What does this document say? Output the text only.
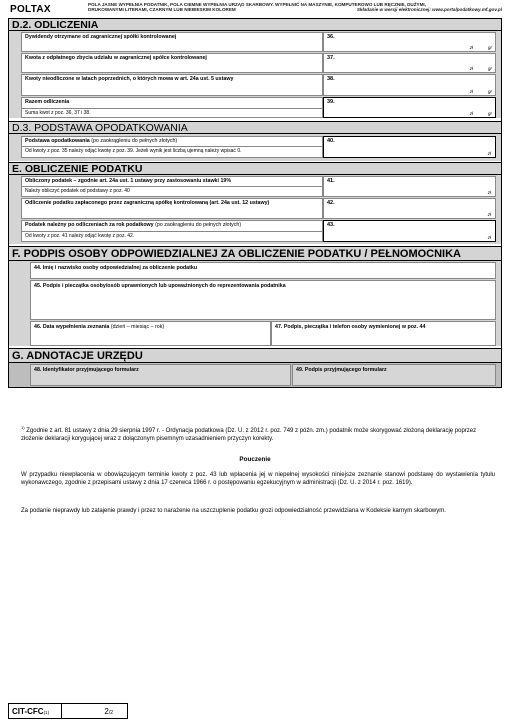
POLTAX	POLA JASNE WYPEŁNIA PODATNIK, POLA CIEMNE WYPEŁNIA URZĄD SKARBOWY. WYPEŁNIĆ NA MASZYNIE, KOMPUTEROWO LUB RĘCZNIE, DUŻYMI,
DRUKOWANYMI LITERAMI, CZARNYM LUB NIEBIESKIM KOLOREM	Składanie w wersji elektronicznej: www.portalpodatkowy.mf.gov.pl
D.2. ODLICZENIA
Dywidendy otrzymane od zagranicznej spółki kontrolowanej	36.
zł	gr
Kwota z odpłatnego zbycia udziału w zagranicznej spółce kontrolowanej	37.
zł	gr
Kwoty nieodliczone w latach poprzednich, o których mowa w art. 24a ust. 5 ustawy	38.
zł	gr
Razem odliczenia
Suma kwot z poz. 36, 37 i 38.
39.
zł	gr
D.3. PODSTAWA OPODATKOWANIA
Podstawa opodatkowania (po zaokrągleniu do pełnych złotych)
Od kwoty z poz. 35 należy odjąć kwotę z poz. 39. Jeżeli wynik jest liczbą ujemną należy wpisać 0.
40.
zł
E. OBLICZENIE PODATKU
Obliczony podatek – zgodnie art. 24a ust. 1 ustawy przy zastosowaniu stawki 19%
Należy obliczyć podatek od podstawy z poz. 40
41.
zł
Odliczenie podatku zapłaconego przez zagraniczną spółkę kontrolowaną (art. 24a ust. 12 ustawy)	42.
zł
Podatek należny po odliczeniach za rok podatkowy (po zaokrągleniu do pełnych złotych)
Od kwoty z poz. 41 należy odjąć kwotę z poz. 42.
43.
zł
F. PODPIS OSOBY ODPOWIEDZIALNEJ ZA OBLICZENIE PODATKU / PEŁNOMOCNIKA
44. Imię i nazwisko osoby odpowiedzialnej za obliczenie podatku
45. Podpis i pieczątka osoby/osób uprawnionych lub upoważnionych do reprezentowania podatnika
46. Data wypełnienia zeznania (dzień – miesiąc – rok)	47. Podpis, pieczątka i telefon osoby wymienionej w poz. 44
G. ADNOTACJE URZĘDU
48. Identyfikator przyjmującego formularz	49. Podpis przyjmującego formularz
$^{1)}$ Zgodnie z art. 81 ustawy z dnia 29 sierpnia 1997 r. - Ordynacja podatkowa (Dz. U. z 2012 r. poz. 749 z późn. zm.) podatnik może skorygować złożoną deklarację poprzez złożenie deklaracji korygującej wraz z dołączonym pisemnym uzasadnieniem przyczyn korekty.
Pouczenie
W przypadku niewpłacenia w obowiązującym terminie kwoty z poz. 43 lub wpłacenia jej w niepełnej wysokości niniejsze zeznanie stanowi podstawę do wystawienia tytułu wykonawczego, zgodnie z przepisami ustawy z dnia 17 czerwca 1966 r. o postępowaniu egzekucyjnym w administracji (Dz. U. z 2014 r. poz. 1619).
Za podanie nieprawdy lub zatajenie prawdy i przez to narażenie na uszczuplenie podatku grozi odpowiedzialność przewidziana w Kodeksie karnym skarbowym.
CIT-CFC(1)	2/2
